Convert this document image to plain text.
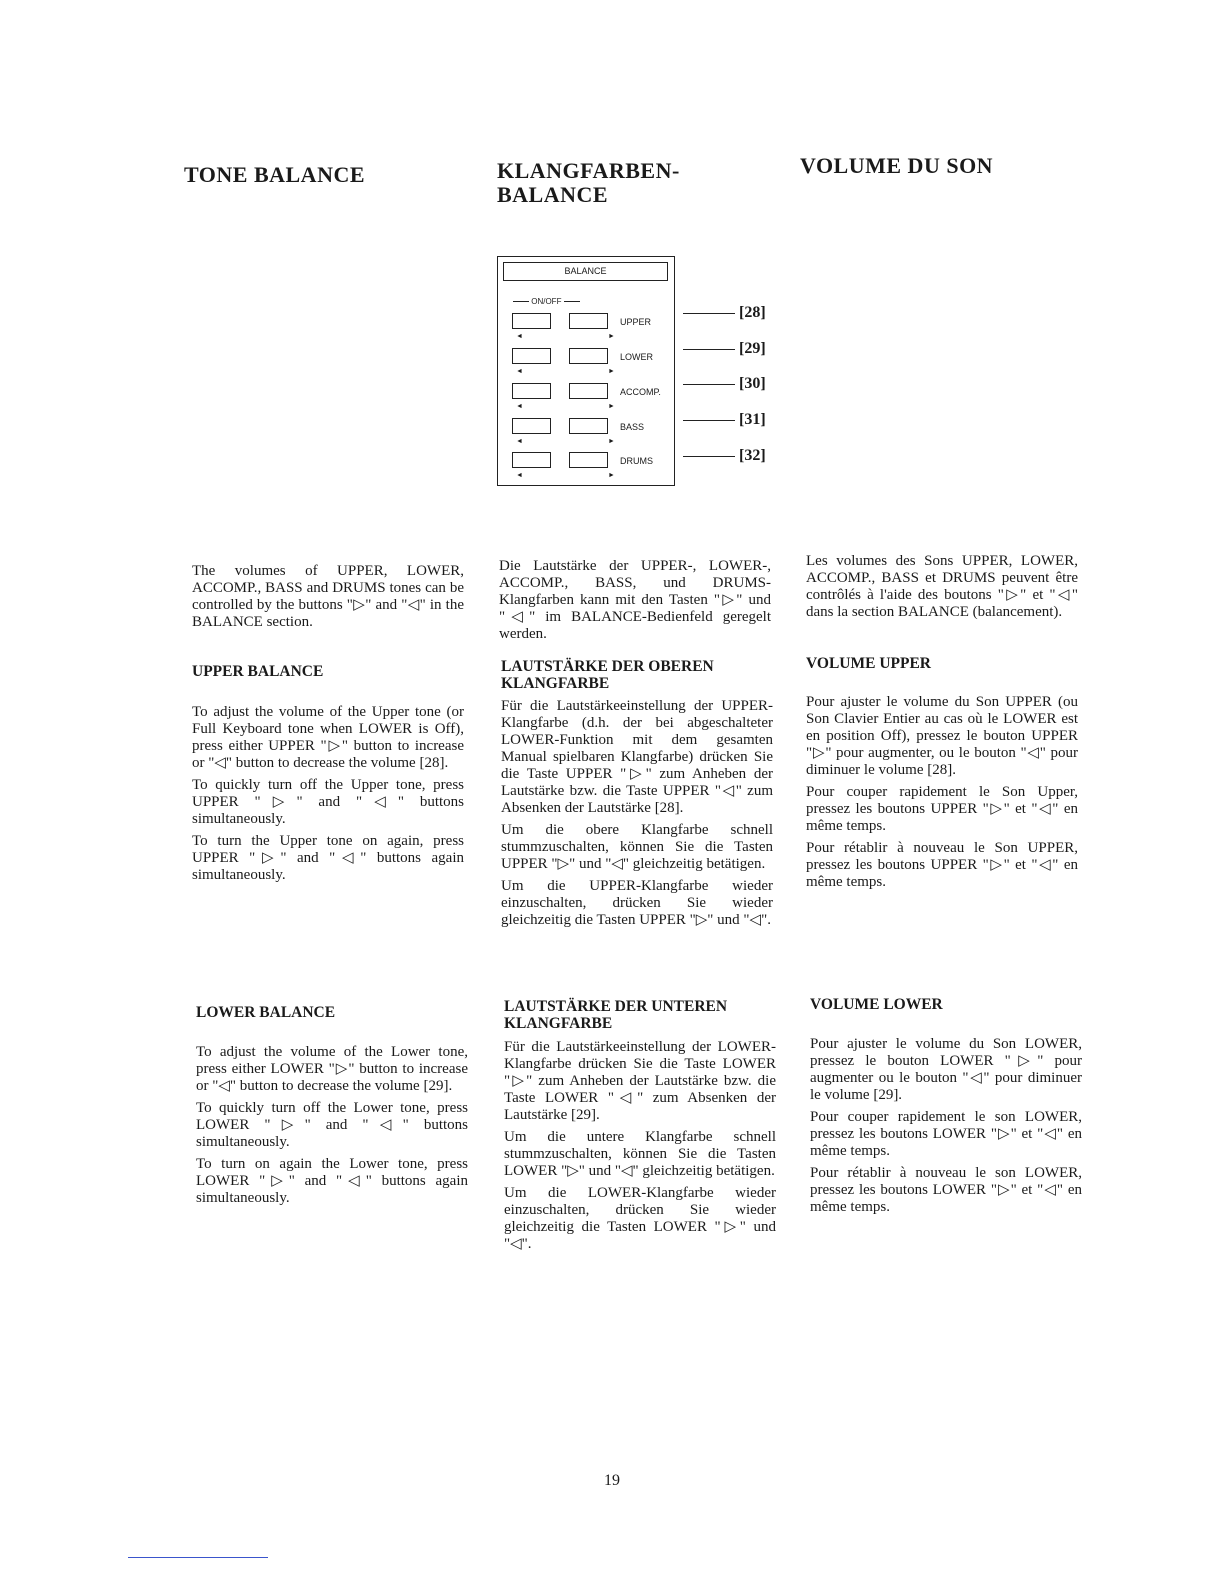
TONE BALANCE	KLANGFARBEN-
BALANCE
VOLUME DU SON
BALANCE
ON/OFF
UPPER
◄	►
LOWER
◄	►
ACCOMP.
◄	►
BASS
◄	►
DRUMS
◄	►
[28]
[29]
[30]
[31]
[32]

The volumes of UPPER, LOWER, ACCOMP., BASS and DRUMS tones can be controlled by the buttons "▷" and "◁" in the BALANCE section.

UPPER BALANCE

To adjust the volume of the Upper tone (or Full Keyboard tone when LOWER is Off), press either UPPER "▷" button to increase or "◁" button to decrease the volume [28].

To quickly turn off the Upper tone, press UPPER "▷" and "◁" buttons simultaneously.

To turn the Upper tone on again, press UPPER "▷" and "◁" buttons again simultaneously.

LOWER BALANCE

To adjust the volume of the Lower tone, press either LOWER "▷" button to increase or "◁" button to decrease the volume [29].

To quickly turn off the Lower tone, press LOWER "▷" and "◁" buttons simultaneously.

To turn on again the Lower tone, press LOWER "▷" and "◁" buttons again simultaneously.

Die Lautstärke der UPPER-, LOWER-, ACCOMP., BASS, und DRUMS- Klangfarben kann mit den Tasten "▷" und "◁" im BALANCE-Bedienfeld geregelt werden.

LAUTSTÄRKE DER OBEREN KLANGFARBE

Für die Lautstärkeeinstellung der UPPER-Klangfarbe (d.h. der bei abgeschalteter LOWER-Funktion mit dem gesamten Manual spielbaren Klangfarbe) drücken Sie die Taste UPPER "▷" zum Anheben der Lautstärke bzw. die Taste UPPER "◁" zum Absenken der Lautstärke [28].

Um die obere Klangfarbe schnell stummzuschalten, können Sie die Tasten UPPER "▷" und "◁" gleichzeitig betätigen.

Um die UPPER-Klangfarbe wieder einzuschalten, drücken Sie wieder gleichzeitig die Tasten UPPER "▷" und "◁".

LAUTSTÄRKE DER UNTEREN KLANGFARBE

Für die Lautstärkeeinstellung der LOWER-Klangfarbe drücken Sie die Taste LOWER "▷" zum Anheben der Lautstärke bzw. die Taste LOWER "◁" zum Absenken der Lautstärke [29].

Um die untere Klangfarbe schnell stummzuschalten, können Sie die Tasten LOWER "▷" und "◁" gleichzeitig betätigen.

Um die LOWER-Klangfarbe wieder einzuschalten, drücken Sie wieder gleichzeitig die Tasten LOWER "▷" und "◁".

Les volumes des Sons UPPER, LOWER, ACCOMP., BASS et DRUMS peuvent être contrôlés à l'aide des boutons "▷" et "◁" dans la section BALANCE (balancement).

VOLUME UPPER

Pour ajuster le volume du Son UPPER (ou Son Clavier Entier au cas où le LOWER est en position Off), pressez le bouton UPPER "▷" pour augmenter, ou le bouton "◁" pour diminuer le volume [28].

Pour couper rapidement le Son Upper, pressez les boutons UPPER "▷" et "◁" en même temps.

Pour rétablir à nouveau le Son UPPER, pressez les boutons UPPER "▷" et "◁" en même temps.

VOLUME LOWER

Pour ajuster le volume du Son LOWER, pressez le bouton LOWER "▷" pour augmenter ou le bouton "◁" pour diminuer le volume [29].

Pour couper rapidement le son LOWER, pressez les boutons LOWER "▷" et "◁" en même temps.

Pour rétablir à nouveau le son LOWER, pressez les boutons LOWER "▷" et "◁" en même temps.

19
